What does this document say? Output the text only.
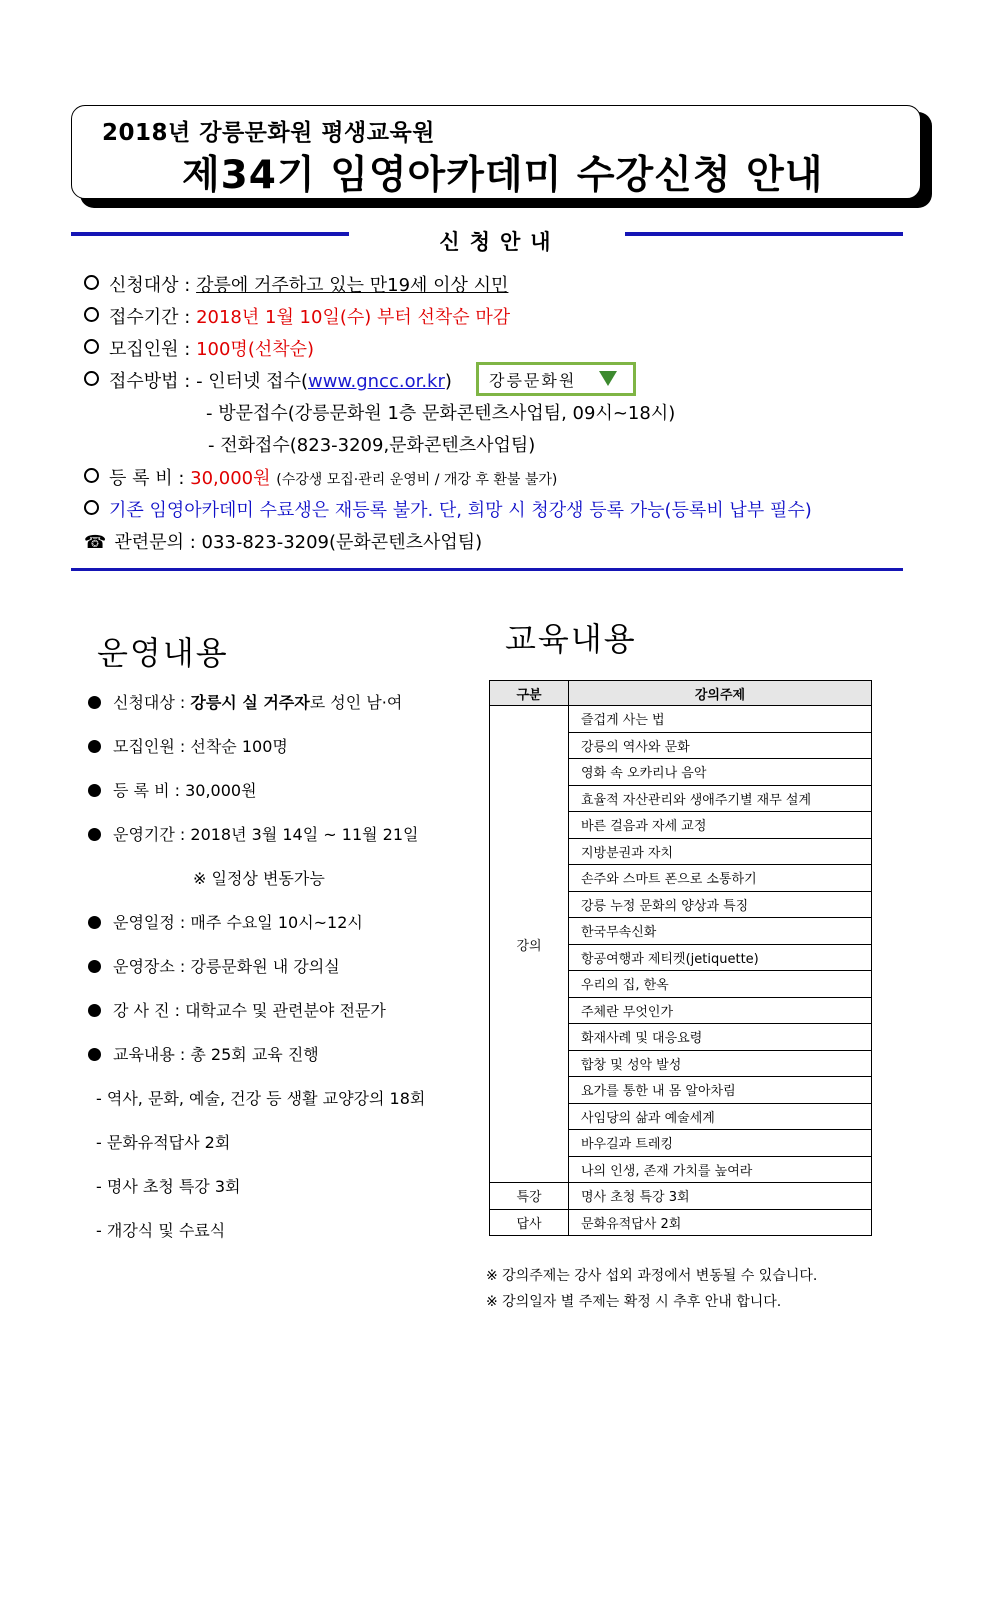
2018년 강릉문화원 평생교육원
제34기 임영아카데미 수강신청 안내
신청안내
신청대상 : 강릉에 거주하고 있는 만19세 이상 시민
접수기간 : 2018년 1월 10일(수) 부터 선착순 마감
모집인원 : 100명(선착순)
접수방법 : - 인터넷 접수(www.gncc.or.kr) 강릉문화원
- 방문접수(강릉문화원 1층 문화콘텐츠사업팀, 09시~18시)
- 전화접수(823-3209,문화콘텐츠사업팀)
등 록 비 : 30,000원 (수강생 모집·관리 운영비 / 개강 후 환불 불가)
기존 임영아카데미 수료생은 재등록 불가. 단, 희망 시 청강생 등록 가능(등록비 납부 필수)
☎ 관련문의 : 033-823-3209(문화콘텐츠사업팀)
운영내용	교육내용
신청대상 : 강릉시 실 거주자로 성인 남·여
모집인원 : 선착순 100명
등 록 비 : 30,000원
운영기간 : 2018년 3월 14일 ~ 11월 21일
※ 일정상 변동가능
운영일정 : 매주 수요일 10시~12시
운영장소 : 강릉문화원 내 강의실
강 사 진 : 대학교수 및 관련분야 전문가
교육내용 : 총 25회 교육 진행
- 역사, 문화, 예술, 건강 등 생활 교양강의 18회
- 문화유적답사 2회
- 명사 초청 특강 3회
- 개강식 및 수료식
구분	강의주제
강의	즐겁게 사는 법
	강릉의 역사와 문화
	영화 속 오카리나 음악
	효율적 자산관리와 생애주기별 재무 설계
	바른 걸음과 자세 교정
	지방분권과 자치
	손주와 스마트 폰으로 소통하기
	강릉 누정 문화의 양상과 특징
	한국무속신화
	항공여행과 제티켓(jetiquette)
	우리의 집, 한옥
	주체란 무엇인가
	화재사례 및 대응요령
	합창 및 성악 발성
	요가를 통한 내 몸 알아차림
	사임당의 삶과 예술세계
	바우길과 트레킹
	나의 인생, 존재 가치를 높여라
특강	명사 초청 특강 3회
답사	문화유적답사 2회
※ 강의주제는 강사 섭외 과정에서 변동될 수 있습니다.
※ 강의일자 별 주제는 확정 시 추후 안내 합니다.
